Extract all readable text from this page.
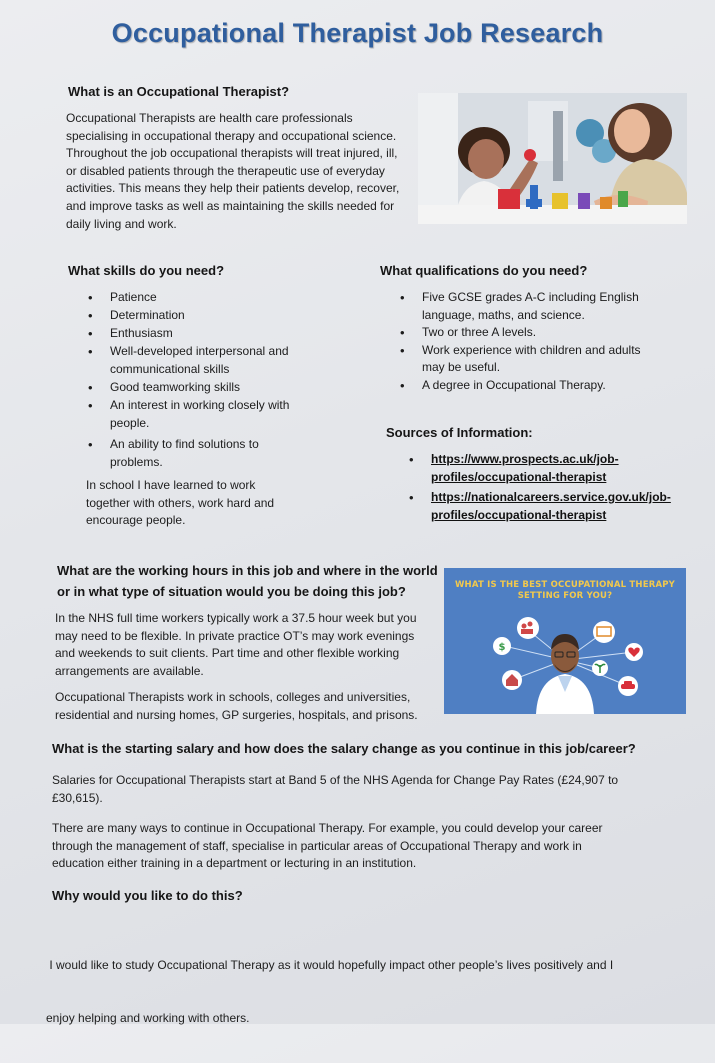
Occupational Therapist Job Research
What is an Occupational Therapist?
Occupational Therapists are health care professionals
specialising in occupational therapy and occupational science.
Throughout the job occupational therapists will treat injured, ill,
or disabled patients through the therapeutic use of everyday
activities. This means they help their patients develop, recover,
and improve tasks as well as maintaining the skills needed for
daily living and work.
What skills do you need?
• Patience
• Determination
• Enthusiasm
• Well-developed interpersonal and
communicational skills
• Good teamworking skills
• An interest in working closely with
people.
• An ability to find solutions to
problems.
In school I have learned to work
together with others, work hard and
encourage people.
What qualifications do you need?
• Five GCSE grades A-C including English
language, maths, and science.
• Two or three A levels.
• Work experience with children and adults
may be useful.
• A degree in Occupational Therapy.
Sources of Information:
• https://www.prospects.ac.uk/job-
profiles/occupational-therapist
• https://nationalcareers.service.gov.uk/job-
profiles/occupational-therapist
What are the working hours in this job and where in the world
or in what type of situation would you be doing this job?
In the NHS full time workers typically work a 37.5 hour week but you
may need to be flexible. In private practice OT’s may work evenings
and weekends to suit clients. Part time and other flexible working
arrangements are available.
Occupational Therapists work in schools, colleges and universities,
residential and nursing homes, GP surgeries, hospitals, and prisons.
WHAT IS THE BEST OCCUPATIONAL THERAPY
SETTING FOR YOU?
$
What is the starting salary and how does the salary change as you continue in this job/career?
Salaries for Occupational Therapists start at Band 5 of the NHS Agenda for Change Pay Rates (£24,907 to
£30,615).
There are many ways to continue in Occupational Therapy. For example, you could develop your career
through the management of staff, specialise in particular areas of Occupational Therapy and work in
education either training in a department or lecturing in an institution.
Why would you like to do this?

I would like to study Occupational Therapy as it would hopefully impact other people’s lives positively and I

enjoy helping and working with others.
